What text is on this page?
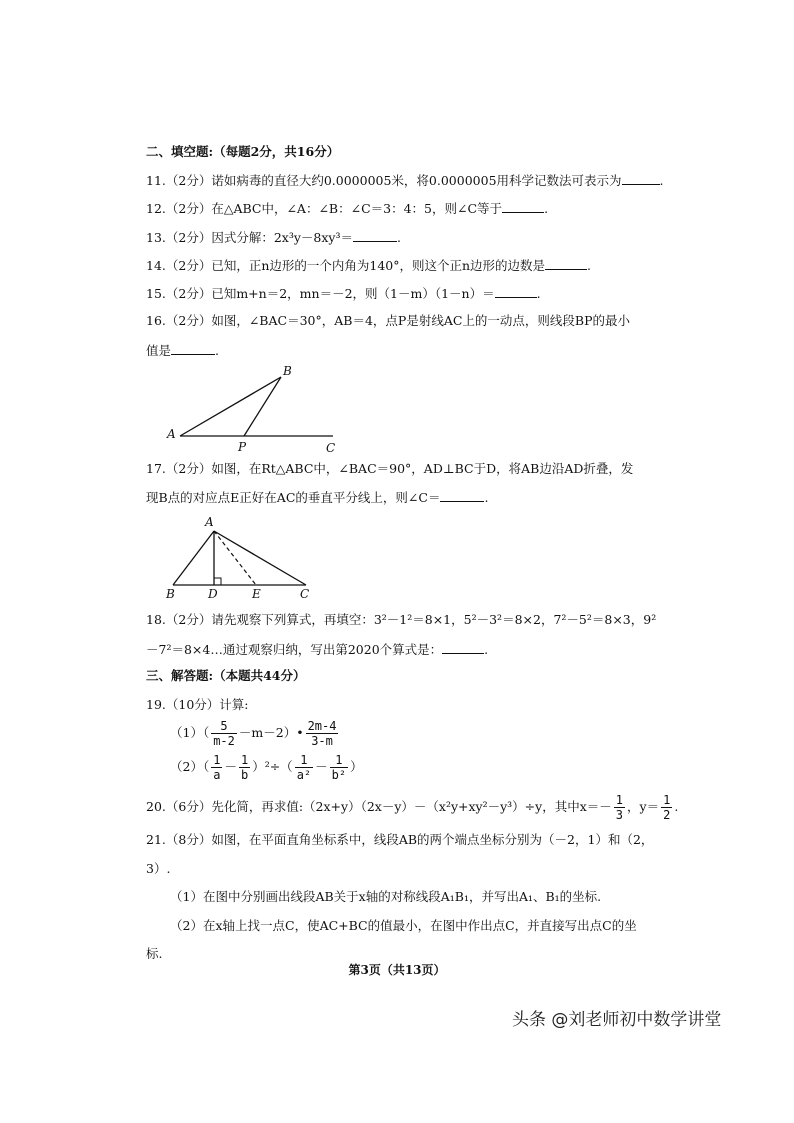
二、填空题:（每题2分，共16分）
11.（2分）诺如病毒的直径大约0.0000005米，将0.0000005用科学记数法可表示为	.
12.（2分）在△ABC中，∠A：∠B：∠C＝3：4：5，则∠C等于	.
13.（2分）因式分解：2x³y－8xy³＝	.
14.（2分）已知，正n边形的一个内角为140°，则这个正n边形的边数是	.
15.（2分）已知m+n＝2，mn＝－2，则（1－m）（1－n）＝	.
16.（2分）如图，∠BAC＝30°，AB＝4，点P是射线AC上的一动点，则线段BP的最小
值是	.
A
B
P	C
17.（2分）如图，在Rt△ABC中，∠BAC＝90°，AD⊥BC于D，将AB边沿AD折叠，发
现B点的对应点E正好在AC的垂直平分线上，则∠C＝	.
A
B	D	E	C
18.（2分）请先观察下列算式，再填空：3²－1²＝8×1，5²－3²＝8×2，7²－5²＝8×3，9²
－7²＝8×4…通过观察归纳，写出第2020个算式是：	.
三、解答题:（本题共44分）
19.（10分）计算:
$(1)( \frac{5}{m-2}$ －m－2）• $\frac{2m-4}{3-m}$
$(2)( \frac{1}{a} - \frac{1}{b} )^2\div( \frac{1}{\text{a²}} - \frac{1}{\text{b²}}$ ）
20.（6分）先化简，再求值:（2x+y）（2x－y）－（x²y+xy²－y³）÷y，其中$x=- \frac{1}{3}$ ，$y= \frac{1}{2}$ .
21.（8分）如图，在平面直角坐标系中，线段AB的两个端点坐标分别为（－2，1）和（2，
3）.
（1）在图中分别画出线段AB关于x轴的对称线段A₁B₁，并写出A₁、B₁的坐标.
（2）在x轴上找一点C，使AC+BC的值最小，在图中作出点C，并直接写出点C的坐
标.
第3页（共13页）
头条 @刘老师初中数学讲堂
